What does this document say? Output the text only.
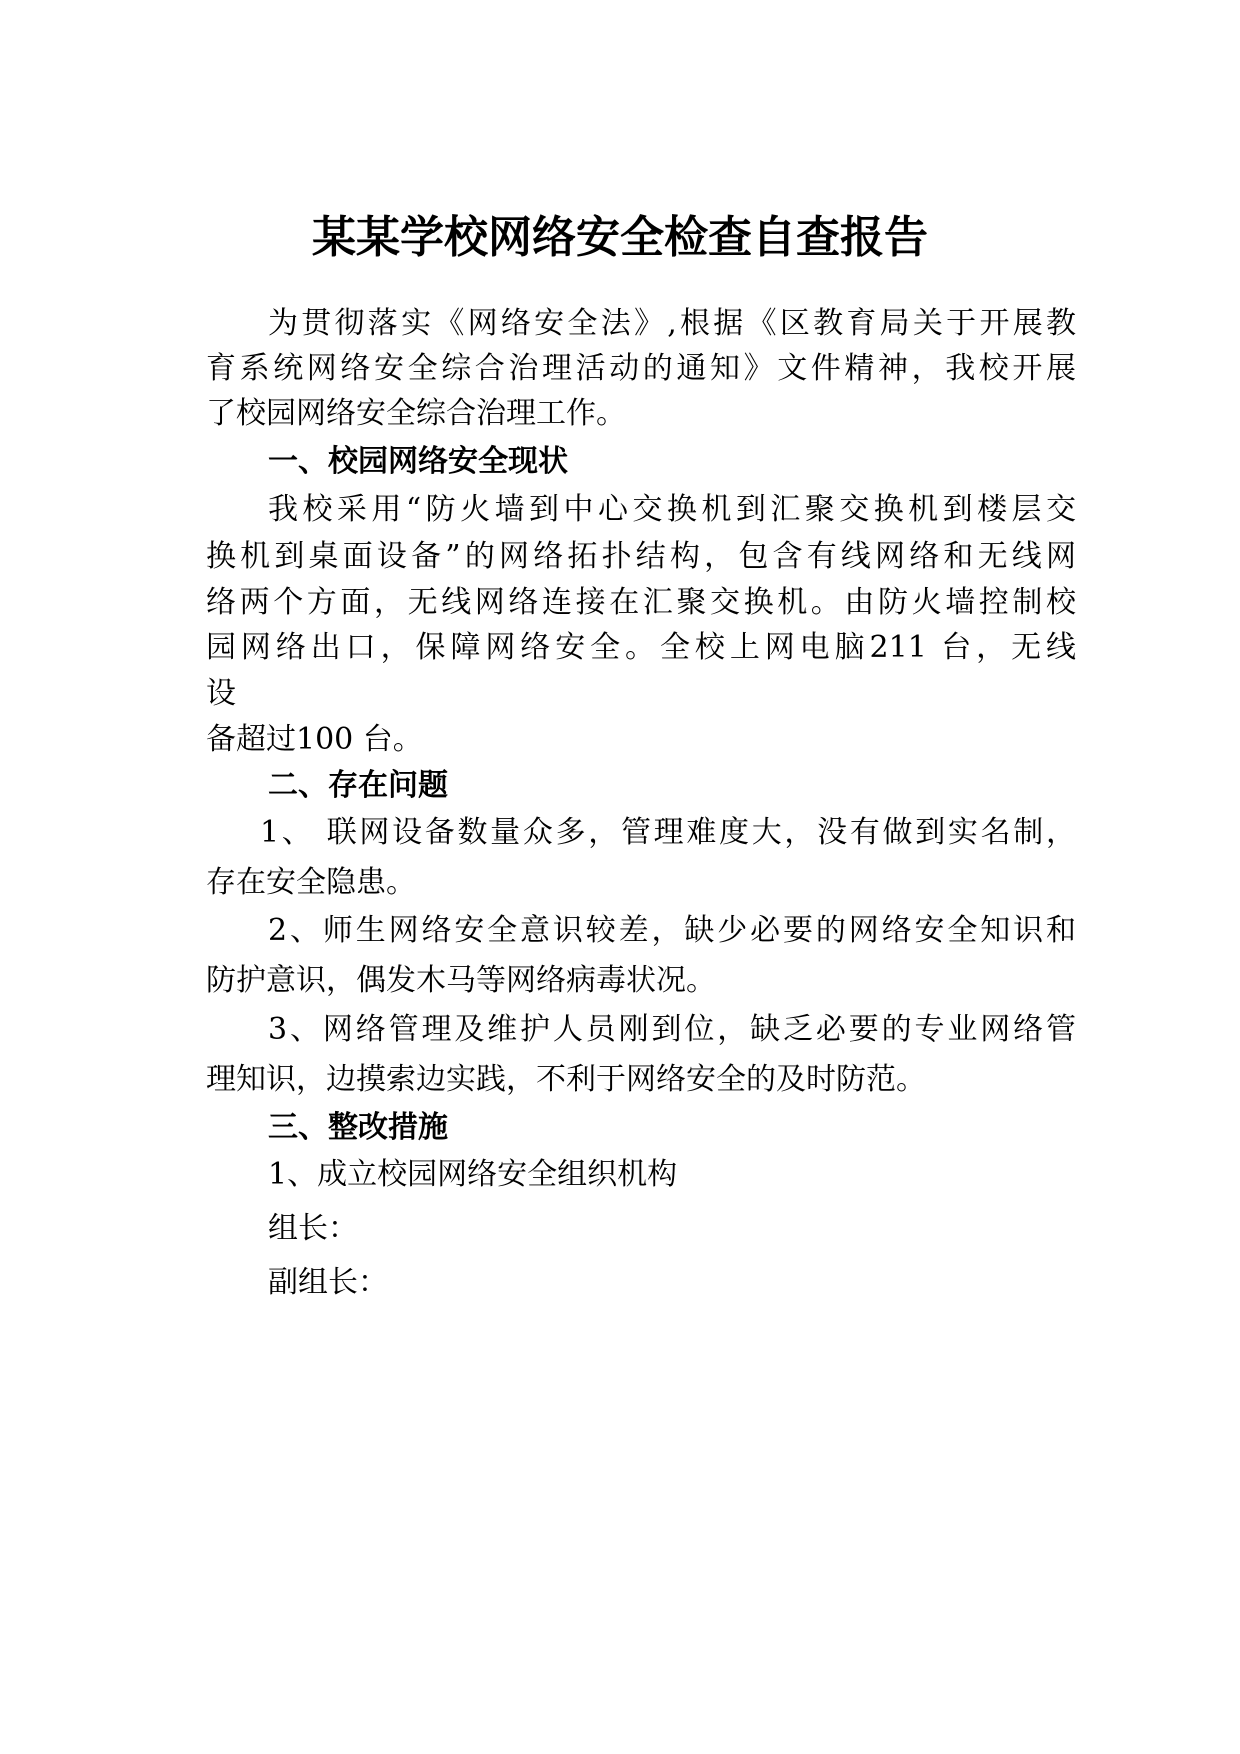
某某学校网络安全检查自查报告
为贯彻落实《网络安全法》,根据《区教育局关于开展教
育系统网络安全综合治理活动的通知》文件精神，我校开展
了校园网络安全综合治理工作。
一、校园网络安全现状
我校采用“防火墙到中心交换机到汇聚交换机到楼层交
换机到桌面设备”的网络拓扑结构，包含有线网络和无线网
络两个方面，无线网络连接在汇聚交换机。由防火墙控制校
园网络出口，保障网络安全。全校上网电脑211 台，无线
设
备超过100 台。
二、存在问题
1、 联网设备数量众多，管理难度大，没有做到实名制，
存在安全隐患。
2、师生网络安全意识较差，缺少必要的网络安全知识和
防护意识，偶发木马等网络病毒状况。
3、网络管理及维护人员刚到位，缺乏必要的专业网络管
理知识，边摸索边实践，不利于网络安全的及时防范。
三、整改措施
1、成立校园网络安全组织机构
组长：
副组长：
